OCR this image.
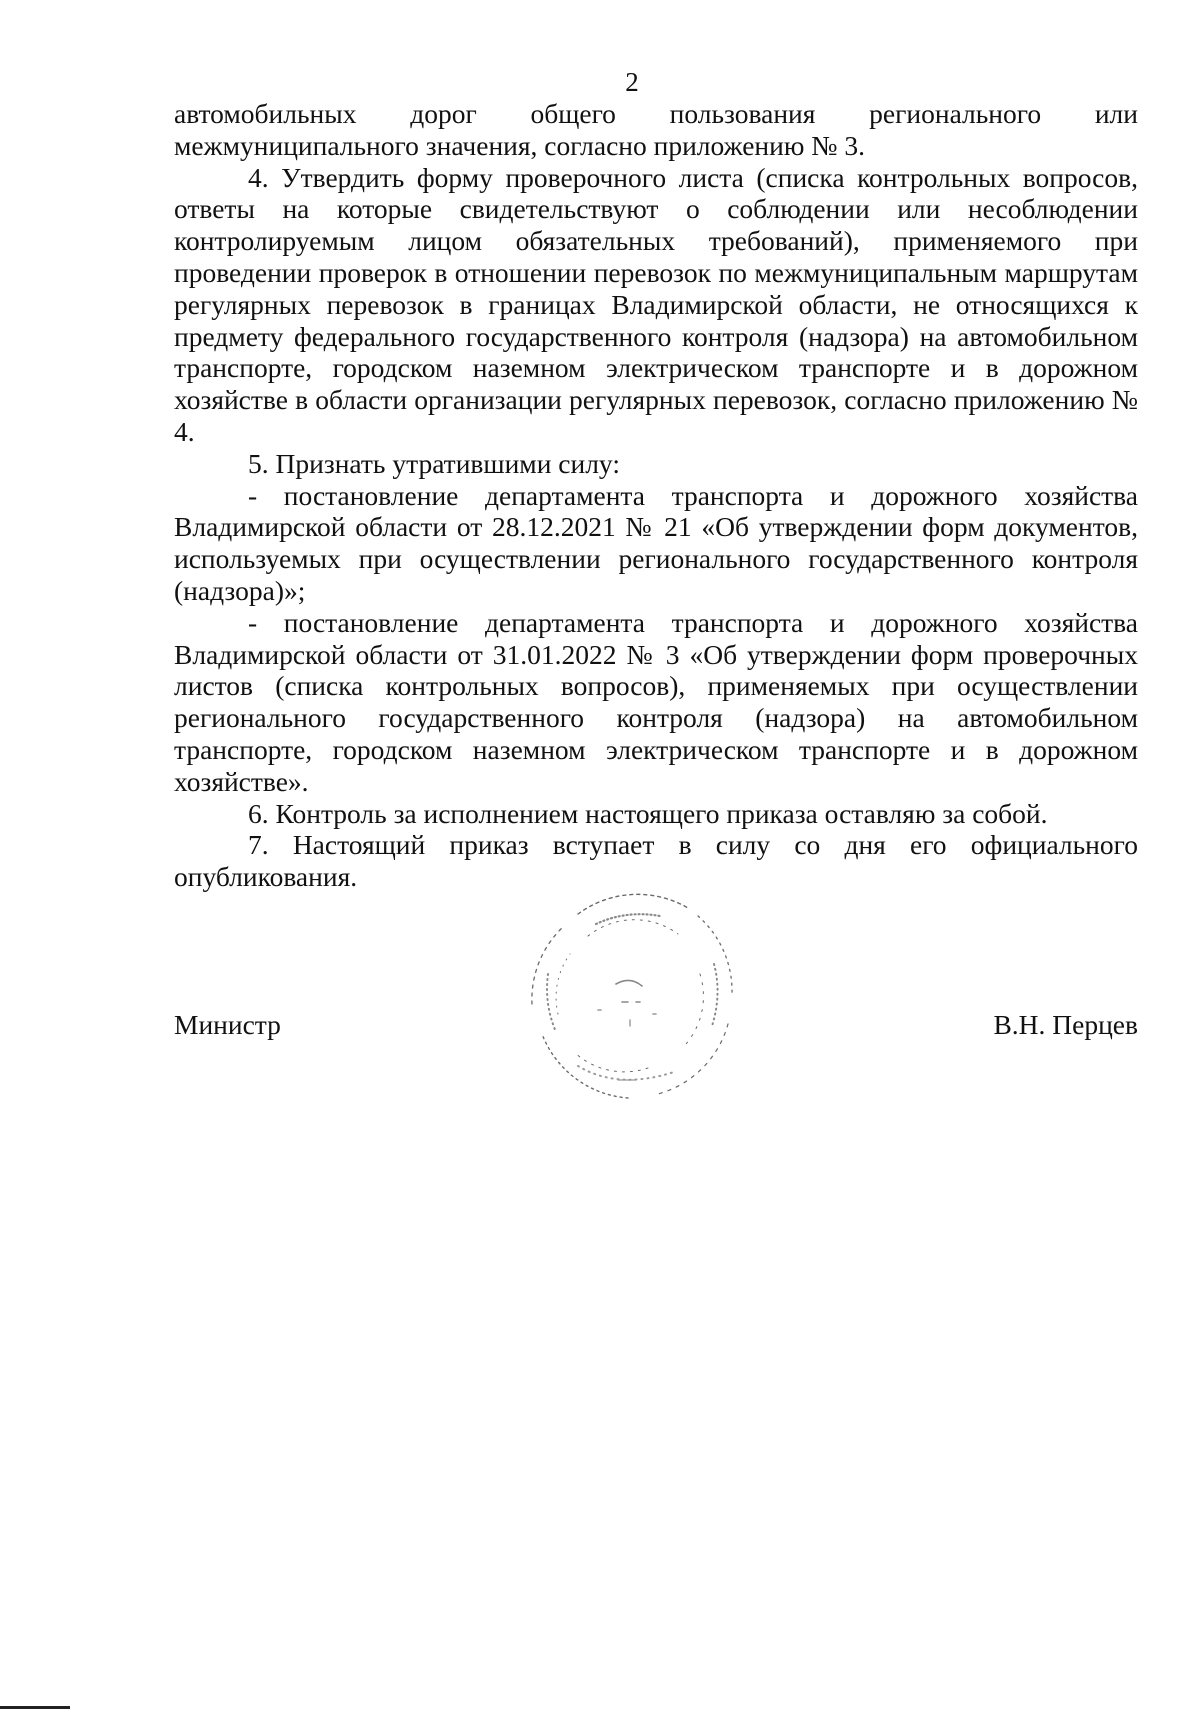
2

автомобильных дорог общего пользования регионального или межмуниципального значения, согласно приложению № 3.

4. Утвердить форму проверочного листа (списка контрольных вопросов, ответы на которые свидетельствуют о соблюдении или несоблюдении контролируемым лицом обязательных требований), применяемого при проведении проверок в отношении перевозок по межмуниципальным маршрутам регулярных перевозок в границах Владимирской области, не относящихся к предмету федерального государственного контроля (надзора) на автомобильном транспорте, городском наземном электрическом транспорте и в дорожном хозяйстве в области организации регулярных перевозок, согласно приложению № 4.

5. Признать утратившими силу:

- постановление департамента транспорта и дорожного хозяйства Владимирской области от 28.12.2021 № 21 «Об утверждении форм документов, используемых при осуществлении регионального государственного контроля (надзора)»;

- постановление департамента транспорта и дорожного хозяйства Владимирской области от 31.01.2022 № 3 «Об утверждении форм проверочных листов (списка контрольных вопросов), применяемых при осуществлении регионального государственного контроля (надзора) на автомобильном транспорте, городском наземном электрическом транспорте и в дорожном хозяйстве».

6. Контроль за исполнением настоящего приказа оставляю за собой.

7. Настоящий приказ вступает в силу со дня его официального опубликования.

Министр	В.Н. Перцев
